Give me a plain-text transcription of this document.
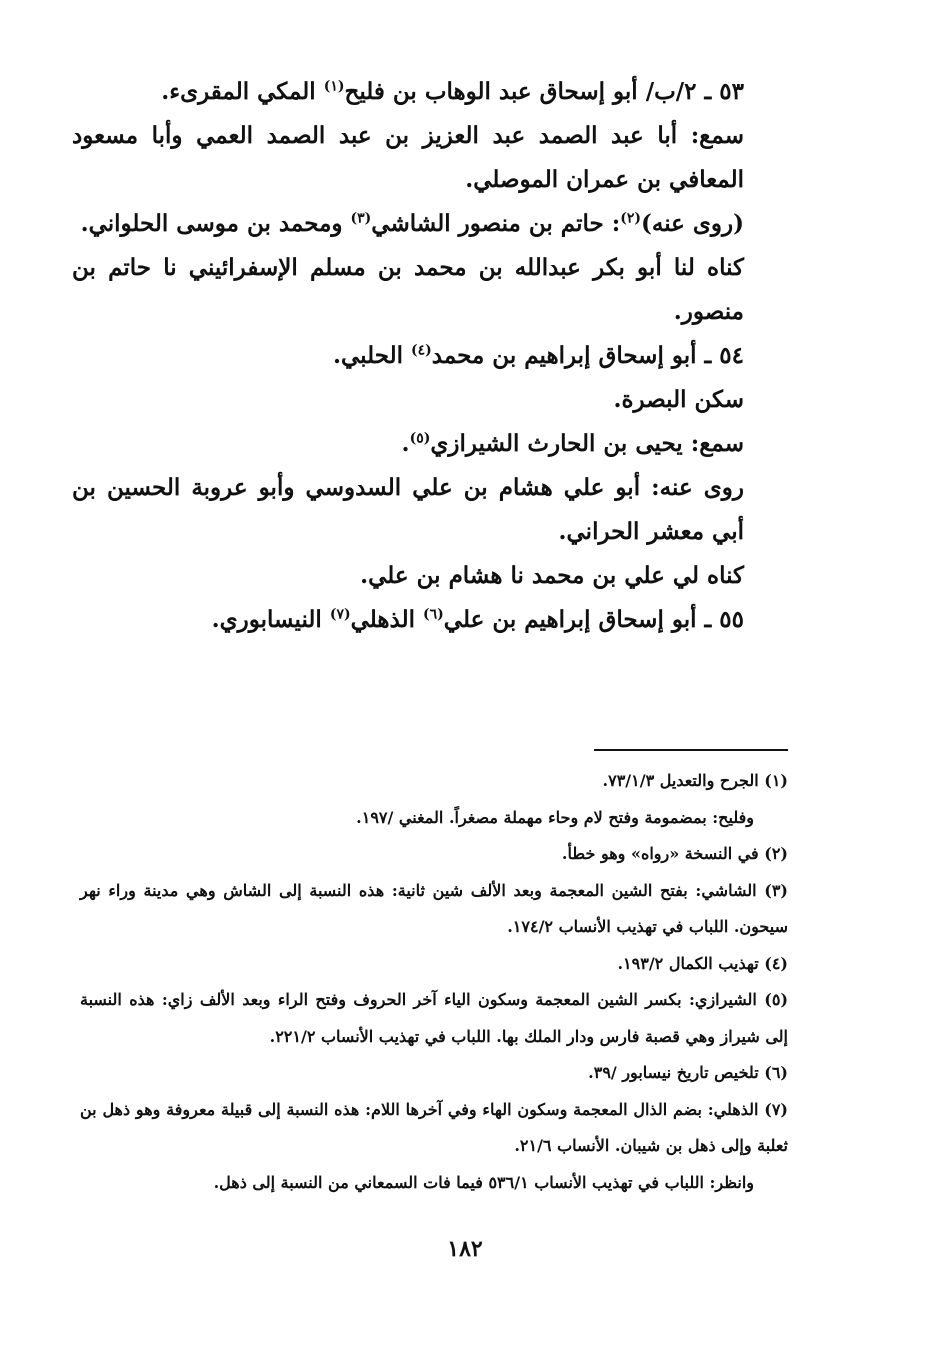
٥٣ ـ ٢/ب/ أبو إسحاق عبد الوهاب بن فليح$^{(١)}$ المكي المقرىء.

سمع: أبا عبد الصمد عبد العزيز بن عبد الصمد العمي وأبا مسعود المعافي بن عمران الموصلي.

(روى عنه)$^{(٢)}$: حاتم بن منصور الشاشي$^{(٣)}$ ومحمد بن موسى الحلواني.

كناه لنا أبو بكر عبدالله بن محمد بن مسلم الإسفرائيني نا حاتم بن منصور.

٥٤ ـ أبو إسحاق إبراهيم بن محمد$^{(٤)}$ الحلبي.

سكن البصرة.

سمع: يحيى بن الحارث الشيرازي$^{(٥)}$.

روى عنه: أبو علي هشام بن علي السدوسي وأبو عروبة الحسين بن أبي معشر الحراني.

كناه لي علي بن محمد نا هشام بن علي.

٥٥ ـ أبو إسحاق إبراهيم بن علي$^{(٦)}$ الذهلي$^{(٧)}$ النيسابوري.

(١) الجرح والتعديل ٧٣/١/٣.

وفليح: بمضمومة وفتح لام وحاء مهملة مصغراً. المغني /١٩٧.

(٢) في النسخة «رواه» وهو خطأ.

(٣) الشاشي: بفتح الشين المعجمة وبعد الألف شين ثانية: هذه النسبة إلى الشاش وهي مدينة وراء نهر سيحون. اللباب في تهذيب الأنساب ١٧٤/٢.

(٤) تهذيب الكمال ١٩٣/٢.

(٥) الشيرازي: بكسر الشين المعجمة وسكون الياء آخر الحروف وفتح الراء وبعد الألف زاي: هذه النسبة إلى شيراز وهي قصبة فارس ودار الملك بها. اللباب في تهذيب الأنساب ٢٢١/٢.

(٦) تلخيص تاريخ نيسابور /٣٩.

(٧) الذهلي: بضم الذال المعجمة وسكون الهاء وفي آخرها اللام: هذه النسبة إلى قبيلة معروفة وهو ذهل بن ثعلبة وإلى ذهل بن شيبان. الأنساب ٢١/٦.

وانظر: اللباب في تهذيب الأنساب ٥٣٦/١ فيما فات السمعاني من النسبة إلى ذهل.

١٨٢
